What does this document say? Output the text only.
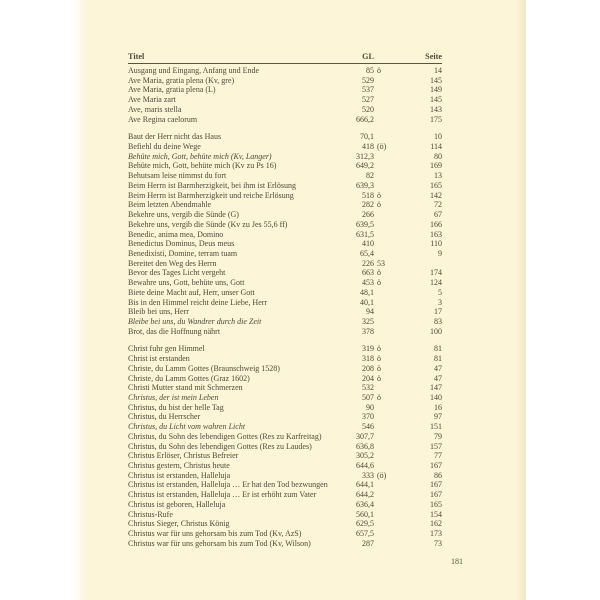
Titel	GL	Seite
Ausgang und Eingang, Anfang und Ende	85 ö	14
Ave Maria, gratia plena (Kv, gre)	529	145
Ave Maria, gratia plena (L)	537	149
Ave Maria zart	527	145
Ave, maris stella	520	143
Ave Regina caelorum	666,2	175
Baut der Herr nicht das Haus	70,1	10
Befiehl du deine Wege	418 (ö)	114
Behüte mich, Gott, behüte mich (Kv, Langer)	312,3	80
Behüte mich, Gott, behüte mich (Kv zu Ps 16)	649,2	169
Behutsam leise nimmst du fort	82	13
Beim Herrn ist Barmherzigkeit, bei ihm ist Erlösung	639,3	165
Beim Herrn ist Barmherzigkeit und reiche Erlösung	518 ö	142
Beim letzten Abendmahle	282 ö	72
Bekehre uns, vergib die Sünde (G)	266	67
Bekehre uns, vergib die Sünde (Kv zu Jes 55,6 ff)	639,5	166
Benedic, anima mea, Domino	631,5	163
Benedictus Dominus, Deus meus	410	110
Benedixisti, Domine, terram tuam	65,4	9
Bereitet den Weg des Herrn	226 53
Bevor des Tages Licht vergeht	663 ö	174
Bewahre uns, Gott, behüte uns, Gott	453 ö	124
Biete deine Macht auf, Herr, unser Gott	48,1	5
Bis in den Himmel reicht deine Liebe, Herr	40,1	3
Bleib bei uns, Herr	94	17
Bleibe bei uns, du Wandrer durch die Zeit	325	83
Brot, das die Hoffnung nährt	378	100
Christ fuhr gen Himmel	319 ö	81
Christ ist erstanden	318 ö	81
Christe, du Lamm Gottes (Braunschweig 1528)	208 ö	47
Christe, du Lamm Gottes (Graz 1602)	204 ö	47
Christi Mutter stand mit Schmerzen	532	147
Christus, der ist mein Leben	507 ö	140
Christus, du bist der helle Tag	90	16
Christus, du Herrscher	370	97
Christus, du Licht vom wahren Licht	546	151
Christus, du Sohn des lebendigen Gottes (Res zu Karfreitag)	307,7	79
Christus, du Sohn des lebendigen Gottes (Res zu Laudes)	636,8	157
Christus Erlöser, Christus Befreier	305,2	77
Christus gestern, Christus heute	644,6	167
Christus ist erstanden, Halleluja	333 (ö)	86
Christus ist erstanden, Halleluja … Er hat den Tod bezwungen	644,1	167
Christus ist erstanden, Halleluja … Er ist erhöht zum Vater	644,2	167
Christus ist geboren, Halleluja	636,4	165
Christus-Rufe	560,1	154
Christus Sieger, Christus König	629,5	162
Christus war für uns gehorsam bis zum Tod (Kv, AzS)	657,5	173
Christus war für uns gehorsam bis zum Tod (Kv, Wilson)	287	73
181
